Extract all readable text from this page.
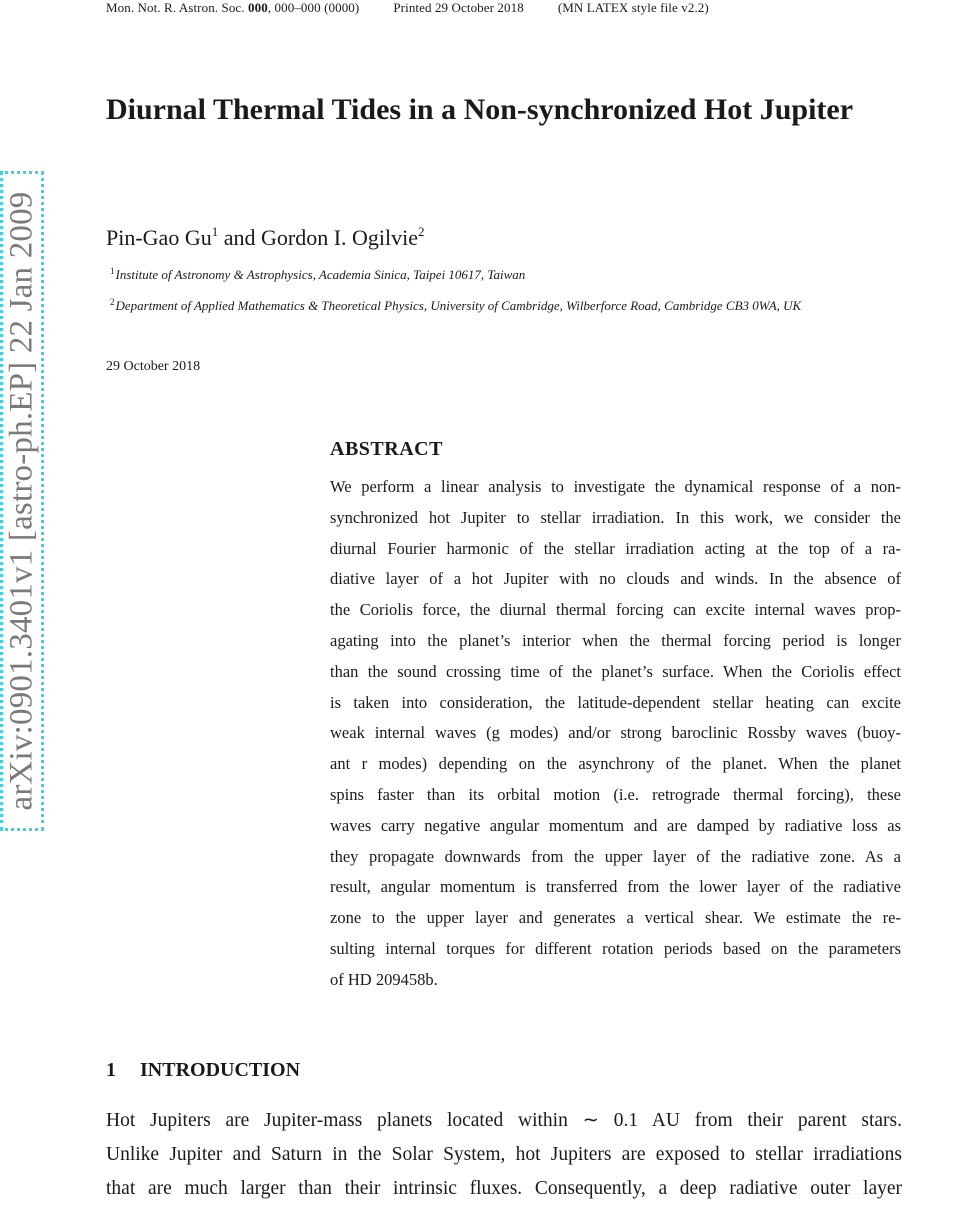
Mon. Not. R. Astron. Soc. 000, 000–000 (0000)	Printed 29 October 2018	(MN LATEX style file v2.2)
Diurnal Thermal Tides in a Non-synchronized Hot Jupiter
Pin-Gao Gu$^1$ and Gordon I. Ogilvie$^2$
$^1$Institute of Astronomy & Astrophysics, Academia Sinica, Taipei 10617, Taiwan
$^2$Department of Applied Mathematics & Theoretical Physics, University of Cambridge, Wilberforce Road, Cambridge CB3 0WA, UK
29 October 2018
ABSTRACT
We perform a linear analysis to investigate the dynamical response of a non-
synchronized hot Jupiter to stellar irradiation. In this work, we consider the
diurnal Fourier harmonic of the stellar irradiation acting at the top of a ra-
diative layer of a hot Jupiter with no clouds and winds. In the absence of
the Coriolis force, the diurnal thermal forcing can excite internal waves prop-
agating into the planet’s interior when the thermal forcing period is longer
than the sound crossing time of the planet’s surface. When the Coriolis effect
is taken into consideration, the latitude-dependent stellar heating can excite
weak internal waves (g modes) and/or strong baroclinic Rossby waves (buoy-
ant r modes) depending on the asynchrony of the planet. When the planet
spins faster than its orbital motion (i.e. retrograde thermal forcing), these
waves carry negative angular momentum and are damped by radiative loss as
they propagate downwards from the upper layer of the radiative zone. As a
result, angular momentum is transferred from the lower layer of the radiative
zone to the upper layer and generates a vertical shear. We estimate the re-
sulting internal torques for different rotation periods based on the parameters
of HD 209458b.
1 INTRODUCTION
Hot Jupiters are Jupiter-mass planets located within ∼ 0.1 AU from their parent stars.
Unlike Jupiter and Saturn in the Solar System, hot Jupiters are exposed to stellar irradiations
that are much larger than their intrinsic fluxes. Consequently, a deep radiative outer layer
arXiv:0901.3401v1 [astro-ph.EP] 22 Jan 2009
